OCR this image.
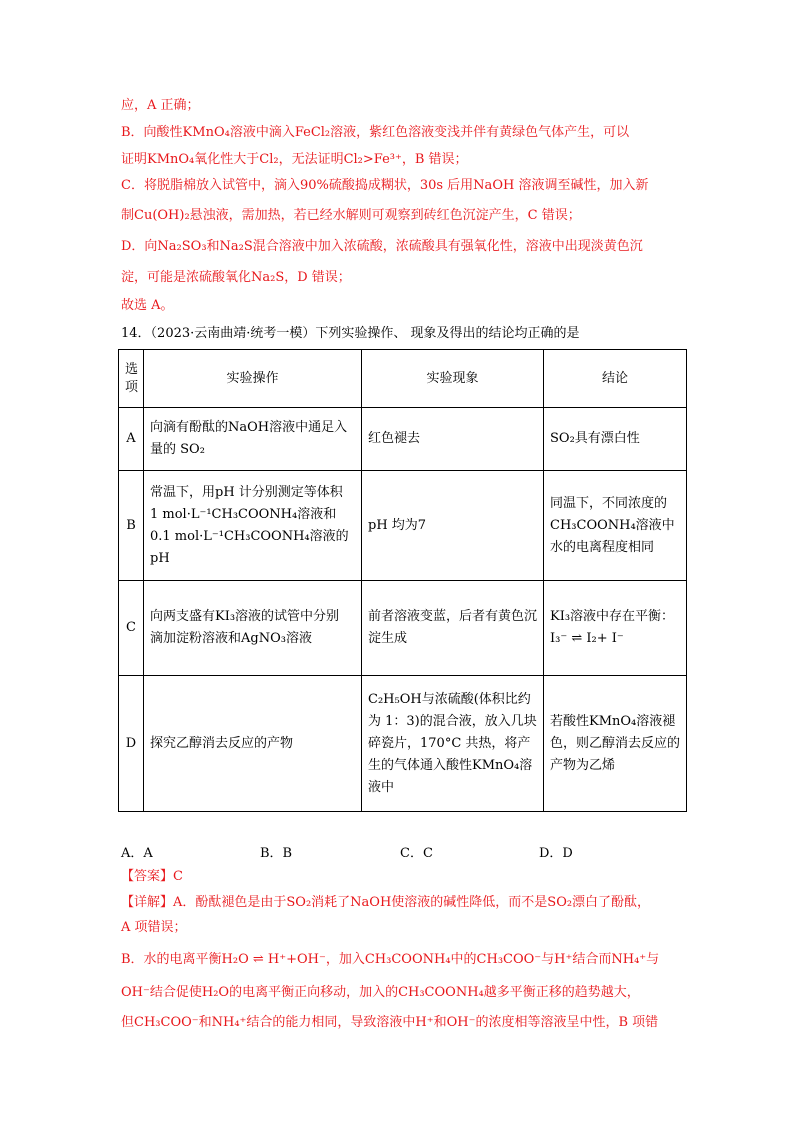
应，A 正确；
B．向酸性KMnO₄溶液中滴入FeCl₂溶液，紫红色溶液变浅并伴有黄绿色气体产生，可以
证明KMnO₄氧化性大于Cl₂，无法证明Cl₂>Fe³⁺，B 错误；
C．将脱脂棉放入试管中，滴入90%硫酸捣成糊状，30s 后用NaOH 溶液调至碱性，加入新
制Cu(OH)₂悬浊液，需加热，若已经水解则可观察到砖红色沉淀产生，C 错误；
D．向Na₂SO₃和Na₂S混合溶液中加入浓硫酸，浓硫酸具有强氧化性，溶液中出现淡黄色沉
淀，可能是浓硫酸氧化Na₂S，D 错误；
故选 A。
14．（2023·云南曲靖·统考一模）下列实验操作、 现象及得出的结论均正确的是
选项	实验操作	实验现象	结论
A	向滴有酚酞的NaOH溶液中通足入量的 SO₂	红色褪去	SO₂具有漂白性
B	常温下，用pH 计分别测定等体积 1 mol·L⁻¹CH₃COONH₄溶液和0.1 mol·L⁻¹CH₃COONH₄溶液的pH	pH 均为7	同温下，不同浓度的CH₃COONH₄溶液中水的电离程度相同
C	向两支盛有KI₃溶液的试管中分别 滴加淀粉溶液和AgNO₃溶液	前者溶液变蓝，后者有黄色沉淀生成	KI₃溶液中存在平衡：I₃⁻ ⇌ I₂+ I⁻
D	探究乙醇消去反应的产物	C₂H₅OH与浓硫酸(体积比约为 1：3)的混合液，放入几块碎瓷片，170°C 共热，将产生的气体通入酸性KMnO₄溶液中	若酸性KMnO₄溶液褪色，则乙醇消去反应的产物为乙烯
A．A	B．B	C．C	D．D
【答案】C
【详解】A．酚酞褪色是由于SO₂消耗了NaOH使溶液的碱性降低，而不是SO₂漂白了酚酞，
A 项错误；
B．水的电离平衡H₂O ⇌ H⁺+OH⁻，加入CH₃COONH₄中的CH₃COO⁻与H⁺结合而NH₄⁺与
OH⁻结合促使H₂O的电离平衡正向移动，加入的CH₃COONH₄越多平衡正移的趋势越大，
但CH₃COO⁻和NH₄⁺结合的能力相同，导致溶液中H⁺和OH⁻的浓度相等溶液呈中性，B 项错
